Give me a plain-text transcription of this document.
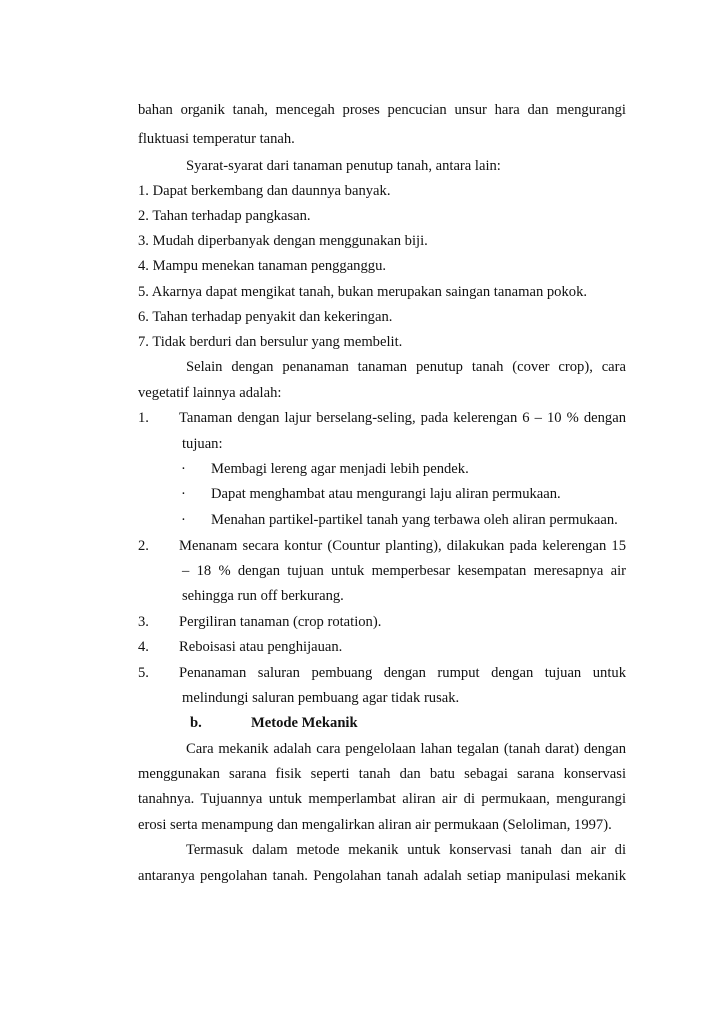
bahan organik tanah, mencegah proses pencucian unsur hara dan mengurangi
fluktuasi temperatur tanah.
Syarat-syarat dari tanaman penutup tanah, antara lain:
1. Dapat berkembang dan daunnya banyak.
2. Tahan terhadap pangkasan.
3. Mudah diperbanyak dengan menggunakan biji.
4. Mampu menekan tanaman pengganggu.
5. Akarnya dapat mengikat tanah, bukan merupakan saingan tanaman pokok.
6. Tahan terhadap penyakit dan kekeringan.
7. Tidak berduri dan bersulur yang membelit.
Selain dengan penanaman tanaman penutup tanah (cover crop), cara
vegetatif lainnya adalah:
1. Tanaman dengan lajur berselang-seling, pada kelerengan 6 – 10 % dengan
tujuan:
· Membagi lereng agar menjadi lebih pendek.
· Dapat menghambat atau mengurangi laju aliran permukaan.
· Menahan partikel-partikel tanah yang terbawa oleh aliran permukaan.
2. Menanam secara kontur (Countur planting), dilakukan pada kelerengan 15
– 18 % dengan tujuan untuk memperbesar kesempatan meresapnya air
sehingga run off berkurang.
3. Pergiliran tanaman (crop rotation).
4. Reboisasi atau penghijauan.
5. Penanaman saluran pembuang dengan rumput dengan tujuan untuk
melindungi saluran pembuang agar tidak rusak.
b.	Metode Mekanik
Cara mekanik adalah cara pengelolaan lahan tegalan (tanah darat) dengan
menggunakan sarana fisik seperti tanah dan batu sebagai sarana konservasi
tanahnya. Tujuannya untuk memperlambat aliran air di permukaan, mengurangi
erosi serta menampung dan mengalirkan aliran air permukaan (Seloliman, 1997).
Termasuk dalam metode mekanik untuk konservasi tanah dan air di
antaranya pengolahan tanah. Pengolahan tanah adalah setiap manipulasi mekanik
